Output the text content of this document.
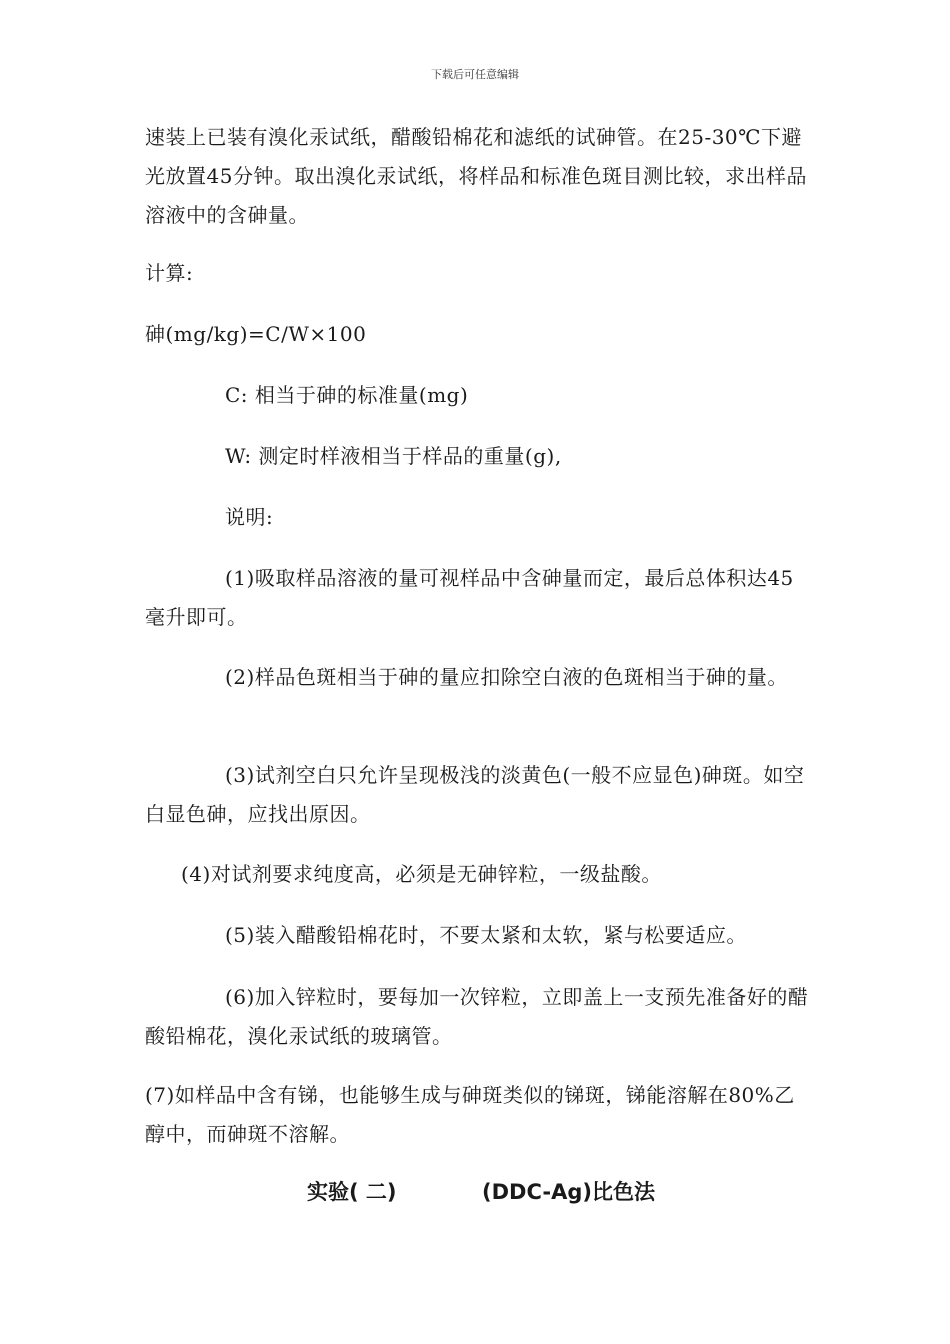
下载后可任意编辑

速装上已装有溴化汞试纸，醋酸铅棉花和滤纸的试砷管。在25-30℃下避光放置45分钟。取出溴化汞试纸，将样品和标准色斑目测比较，求出样品溶液中的含砷量。

计算:

砷(mg/kg)=C/W×100

C: 相当于砷的标准量(mg)

W: 测定时样液相当于样品的重量(g),

说明:

(1)吸取样品溶液的量可视样品中含砷量而定，最后总体积达45毫升即可。

(2)样品色斑相当于砷的量应扣除空白液的色斑相当于砷的量。

(3)试剂空白只允许呈现极浅的淡黄色(一般不应显色)砷斑。如空白显色砷，应找出原因。

(4)对试剂要求纯度高，必须是无砷锌粒，一级盐酸。

(5)装入醋酸铅棉花时，不要太紧和太软，紧与松要适应。

(6)加入锌粒时，要每加一次锌粒，立即盖上一支预先准备好的醋酸铅棉花，溴化汞试纸的玻璃管。

(7)如样品中含有锑，也能够生成与砷斑类似的锑斑，锑能溶解在80%乙醇中，而砷斑不溶解。

实验( 二)	(DDC-Ag)比色法
